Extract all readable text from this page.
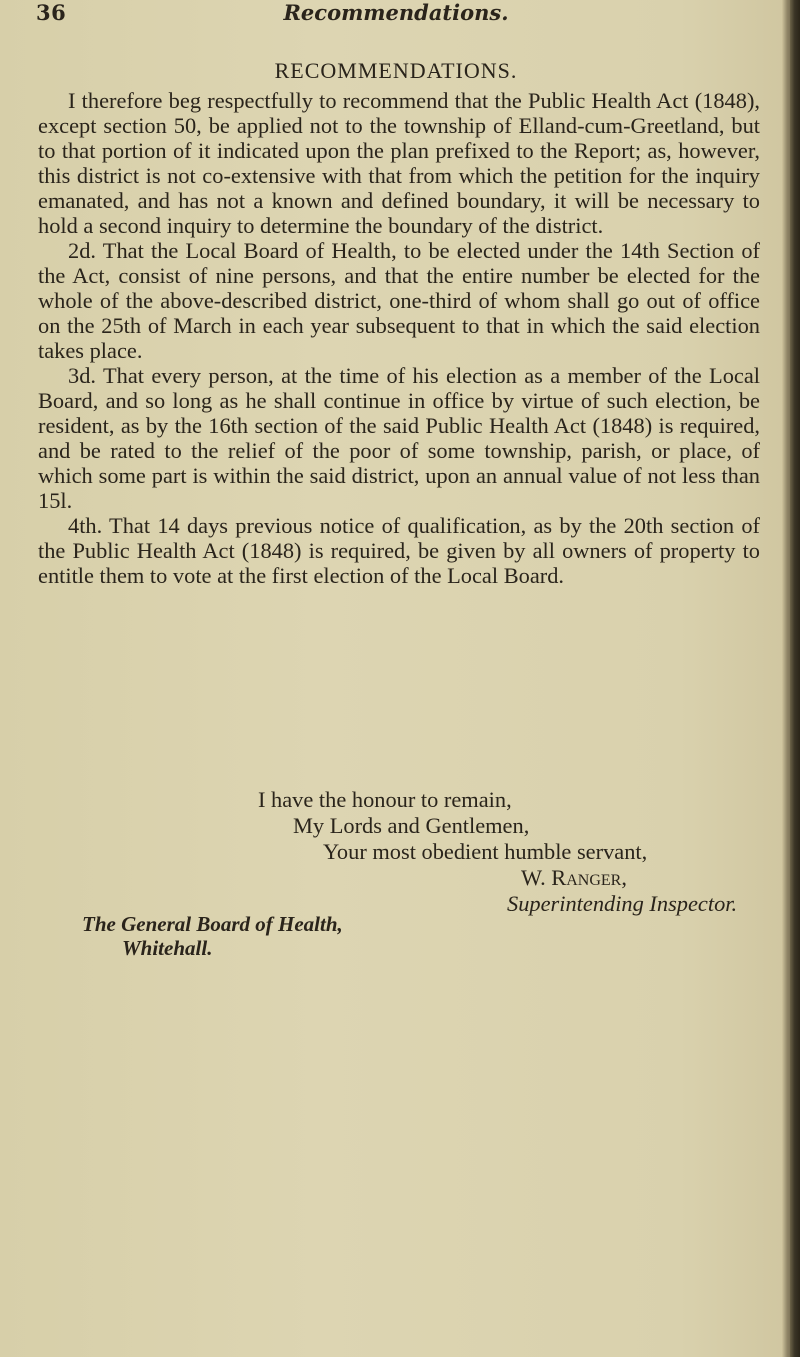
36	Recommendations.
RECOMMENDATIONS.

I therefore beg respectfully to recommend that the Public Health Act (1848), except section 50, be applied not to the township of Elland-cum-Greetland, but to that portion of it indicated upon the plan prefixed to the Report; as, however, this district is not co-extensive with that from which the petition for the inquiry emanated, and has not a known and defined boundary, it will be necessary to hold a second inquiry to determine the boundary of the district.

2d. That the Local Board of Health, to be elected under the 14th Section of the Act, consist of nine persons, and that the entire number be elected for the whole of the above-described district, one-third of whom shall go out of office on the 25th of March in each year subsequent to that in which the said election takes place.

3d. That every person, at the time of his election as a member of the Local Board, and so long as he shall continue in office by virtue of such election, be resident, as by the 16th section of the said Public Health Act (1848) is required, and be rated to the relief of the poor of some township, parish, or place, of which some part is within the said district, upon an annual value of not less than 15l.

4th. That 14 days previous notice of qualification, as by the 20th section of the Public Health Act (1848) is required, be given by all owners of property to entitle them to vote at the first election of the Local Board.

I have the honour to remain,
My Lords and Gentlemen,
Your most obedient humble servant,
W. Ranger,
Superintending Inspector.
The General Board of Health,
Whitehall.
